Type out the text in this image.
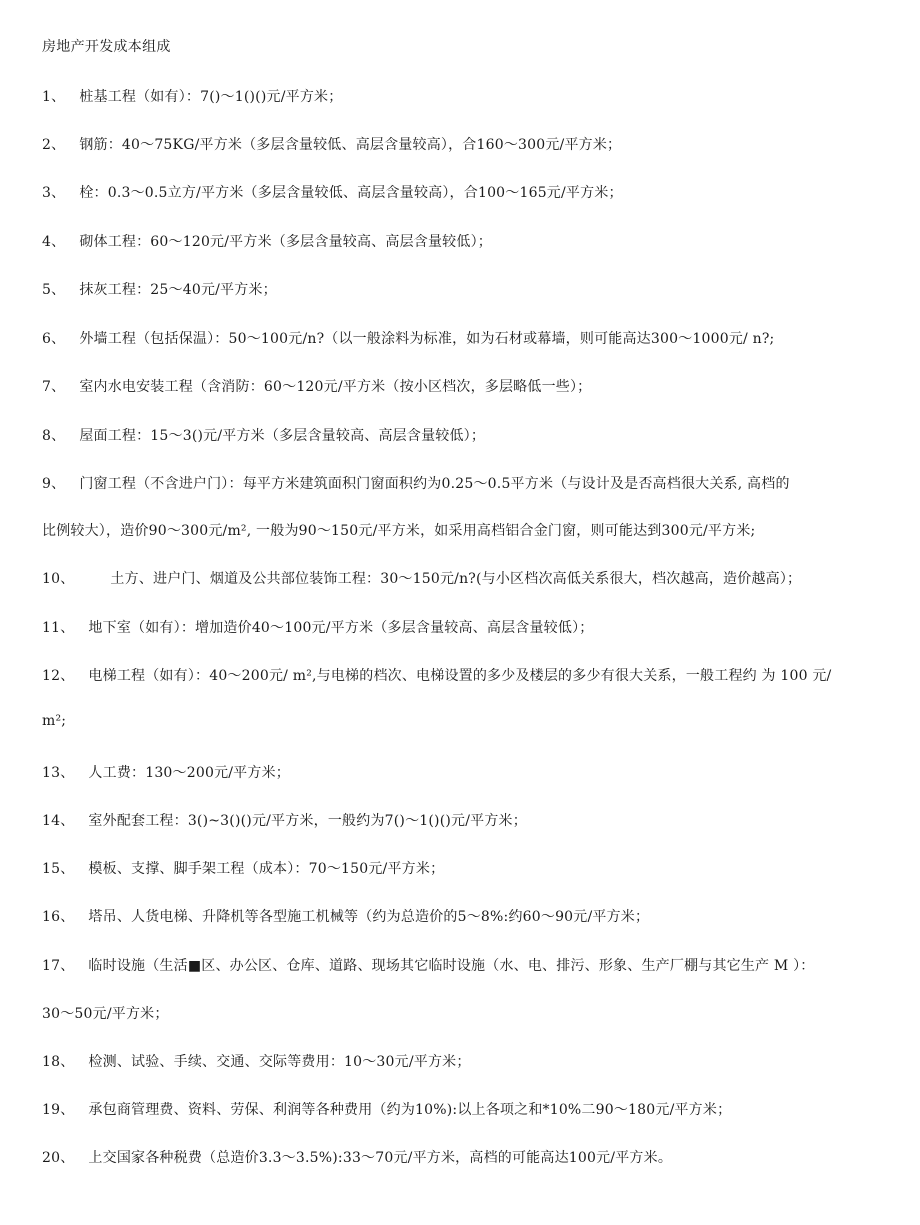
房地产开发成本组成
1、 桩基工程（如有）：7()～1()()元/平方米；
2、 钢筋：40～75KG/平方米（多层含量较低、高层含量较高），合160～300元/平方米；
3、 栓：0.3～0.5立方/平方米（多层含量较低、高层含量较高），合100～165元/平方米；
4、 砌体工程：60～120元/平方米（多层含量较高、高层含量较低）；
5、 抹灰工程：25～40元/平方米；
6、 外墙工程（包括保温）：50～100元/n?（以一般涂料为标准，如为石材或幕墙，则可能高达300～1000元/ n?;
7、 室内水电安装工程（含消防：60～120元/平方米（按小区档次，多层略低一些）；
8、 屋面工程：15～3()元/平方米（多层含量较高、高层含量较低）；
9、 门窗工程（不含进户门）：每平方米建筑面积门窗面积约为0.25～0.5平方米（与设计及是否高档很大关系, 高档的
比例较大），造价90～300元/m², 一般为90～150元/平方米，如采用高档铝合金门窗，则可能达到300元/平方米;
10、	土方、进户门、烟道及公共部位装饰工程：30～150元/n?(与小区档次高低关系很大，档次越高，造价越高）；
11、 地下室（如有）：增加造价40～100元/平方米（多层含量较高、高层含量较低）；
12、 电梯工程（如有）：40～200元/ m²,与电梯的档次、电梯设置的多少及楼层的多少有很大关系，一般工程约 为 100 元/
m²;
13、 人工费：130～200元/平方米；
14、 室外配套工程：3()~3()()元/平方米，一般约为7()～1()()元/平方米；
15、 模板、支撑、脚手架工程（成本）：70～150元/平方米；
16、 塔吊、人货电梯、升降机等各型施工机械等（约为总造价的5～8%:约60～90元/平方米；
17、 临时设施（生活■区、办公区、仓库、道路、现场其它临时设施（水、电、排污、形象、生产厂棚与其它生产 M ）：
30～50元/平方米；
18、 检测、试验、手续、交通、交际等费用：10～30元/平方米；
19、 承包商管理费、资料、劳保、利润等各种费用（约为10%):以上各项之和*10%二90～180元/平方米；
20、 上交国家各种税费（总造价3.3～3.5%):33～70元/平方米，高档的可能高达100元/平方米。
